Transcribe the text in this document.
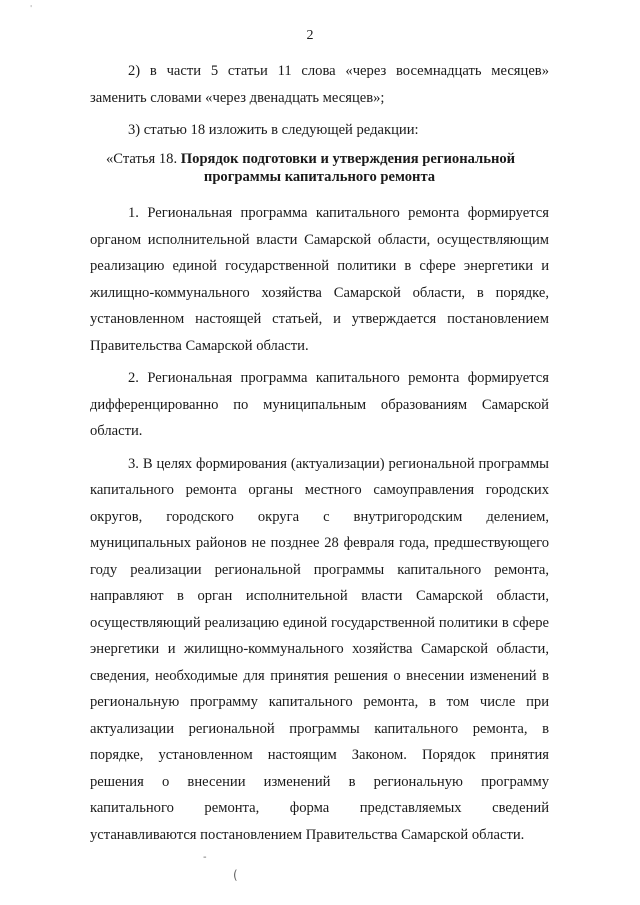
2

2) в части 5 статьи 11 слова «через восемнадцать месяцев» заменить словами «через двенадцать месяцев»;

3) статью 18 изложить в следующей редакции:

«Статья 18. Порядок подготовки и утверждения региональной
программы капитального ремонта

1. Региональная программа капитального ремонта формируется органом исполнительной власти Самарской области, осуществляющим реализацию единой государственной политики в сфере энергетики и жилищно-коммунального хозяйства Самарской области, в порядке, установленном настоящей статьей, и утверждается постановлением Правительства Самарской области.

2. Региональная программа капитального ремонта формируется дифференцированно по муниципальным образованиям Самарской области.

3. В целях формирования (актуализации) региональной программы капитального ремонта органы местного самоуправления городских округов, городского округа с внутригородским делением, муниципальных районов не позднее 28 февраля года, предшествующего году реализации региональной программы капитального ремонта, направляют в орган исполнительной власти Самарской области, осуществляющий реализацию единой государственной политики в сфере энергетики и жилищно-коммунального хозяйства Самарской области, сведения, необходимые для принятия решения о внесении изменений в региональную программу капитального ремонта, в том числе при актуализации региональной программы капитального ремонта, в порядке, установленном настоящим Законом. Порядок принятия решения о внесении изменений в региональную программу капитального ремонта, форма представляемых сведений устанавливаются постановлением Правительства Самарской области.

-
(
'
